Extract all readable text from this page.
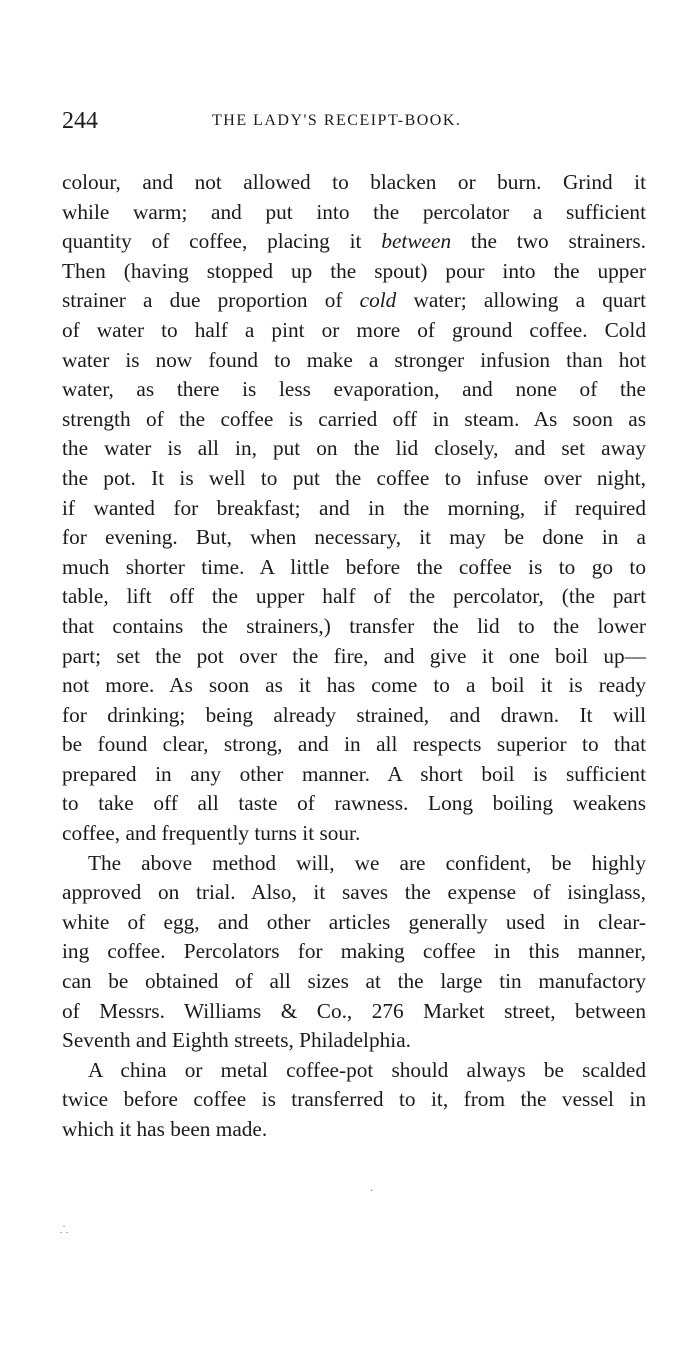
244	THE LADY'S RECEIPT-BOOK.
colour, and not allowed to blacken or burn. Grind it
while warm; and put into the percolator a sufficient
quantity of coffee, placing it between the two strainers.
Then (having stopped up the spout) pour into the upper
strainer a due proportion of cold water; allowing a quart
of water to half a pint or more of ground coffee. Cold
water is now found to make a stronger infusion than hot
water, as there is less evaporation, and none of the
strength of the coffee is carried off in steam. As soon as
the water is all in, put on the lid closely, and set away
the pot. It is well to put the coffee to infuse over night,
if wanted for breakfast; and in the morning, if required
for evening. But, when necessary, it may be done in a
much shorter time. A little before the coffee is to go to
table, lift off the upper half of the percolator, (the part
that contains the strainers,) transfer the lid to the lower
part; set the pot over the fire, and give it one boil up—
not more. As soon as it has come to a boil it is ready
for drinking; being already strained, and drawn. It will
be found clear, strong, and in all respects superior to that
prepared in any other manner. A short boil is sufficient
to take off all taste of rawness. Long boiling weakens
coffee, and frequently turns it sour.
The above method will, we are confident, be highly
approved on trial. Also, it saves the expense of isinglass,
white of egg, and other articles generally used in clear-
ing coffee. Percolators for making coffee in this manner,
can be obtained of all sizes at the large tin manufactory
of Messrs. Williams & Co., 276 Market street, between
Seventh and Eighth streets, Philadelphia.
A china or metal coffee-pot should always be scalded
twice before coffee is transferred to it, from the vessel in
which it has been made.
⸫
·
